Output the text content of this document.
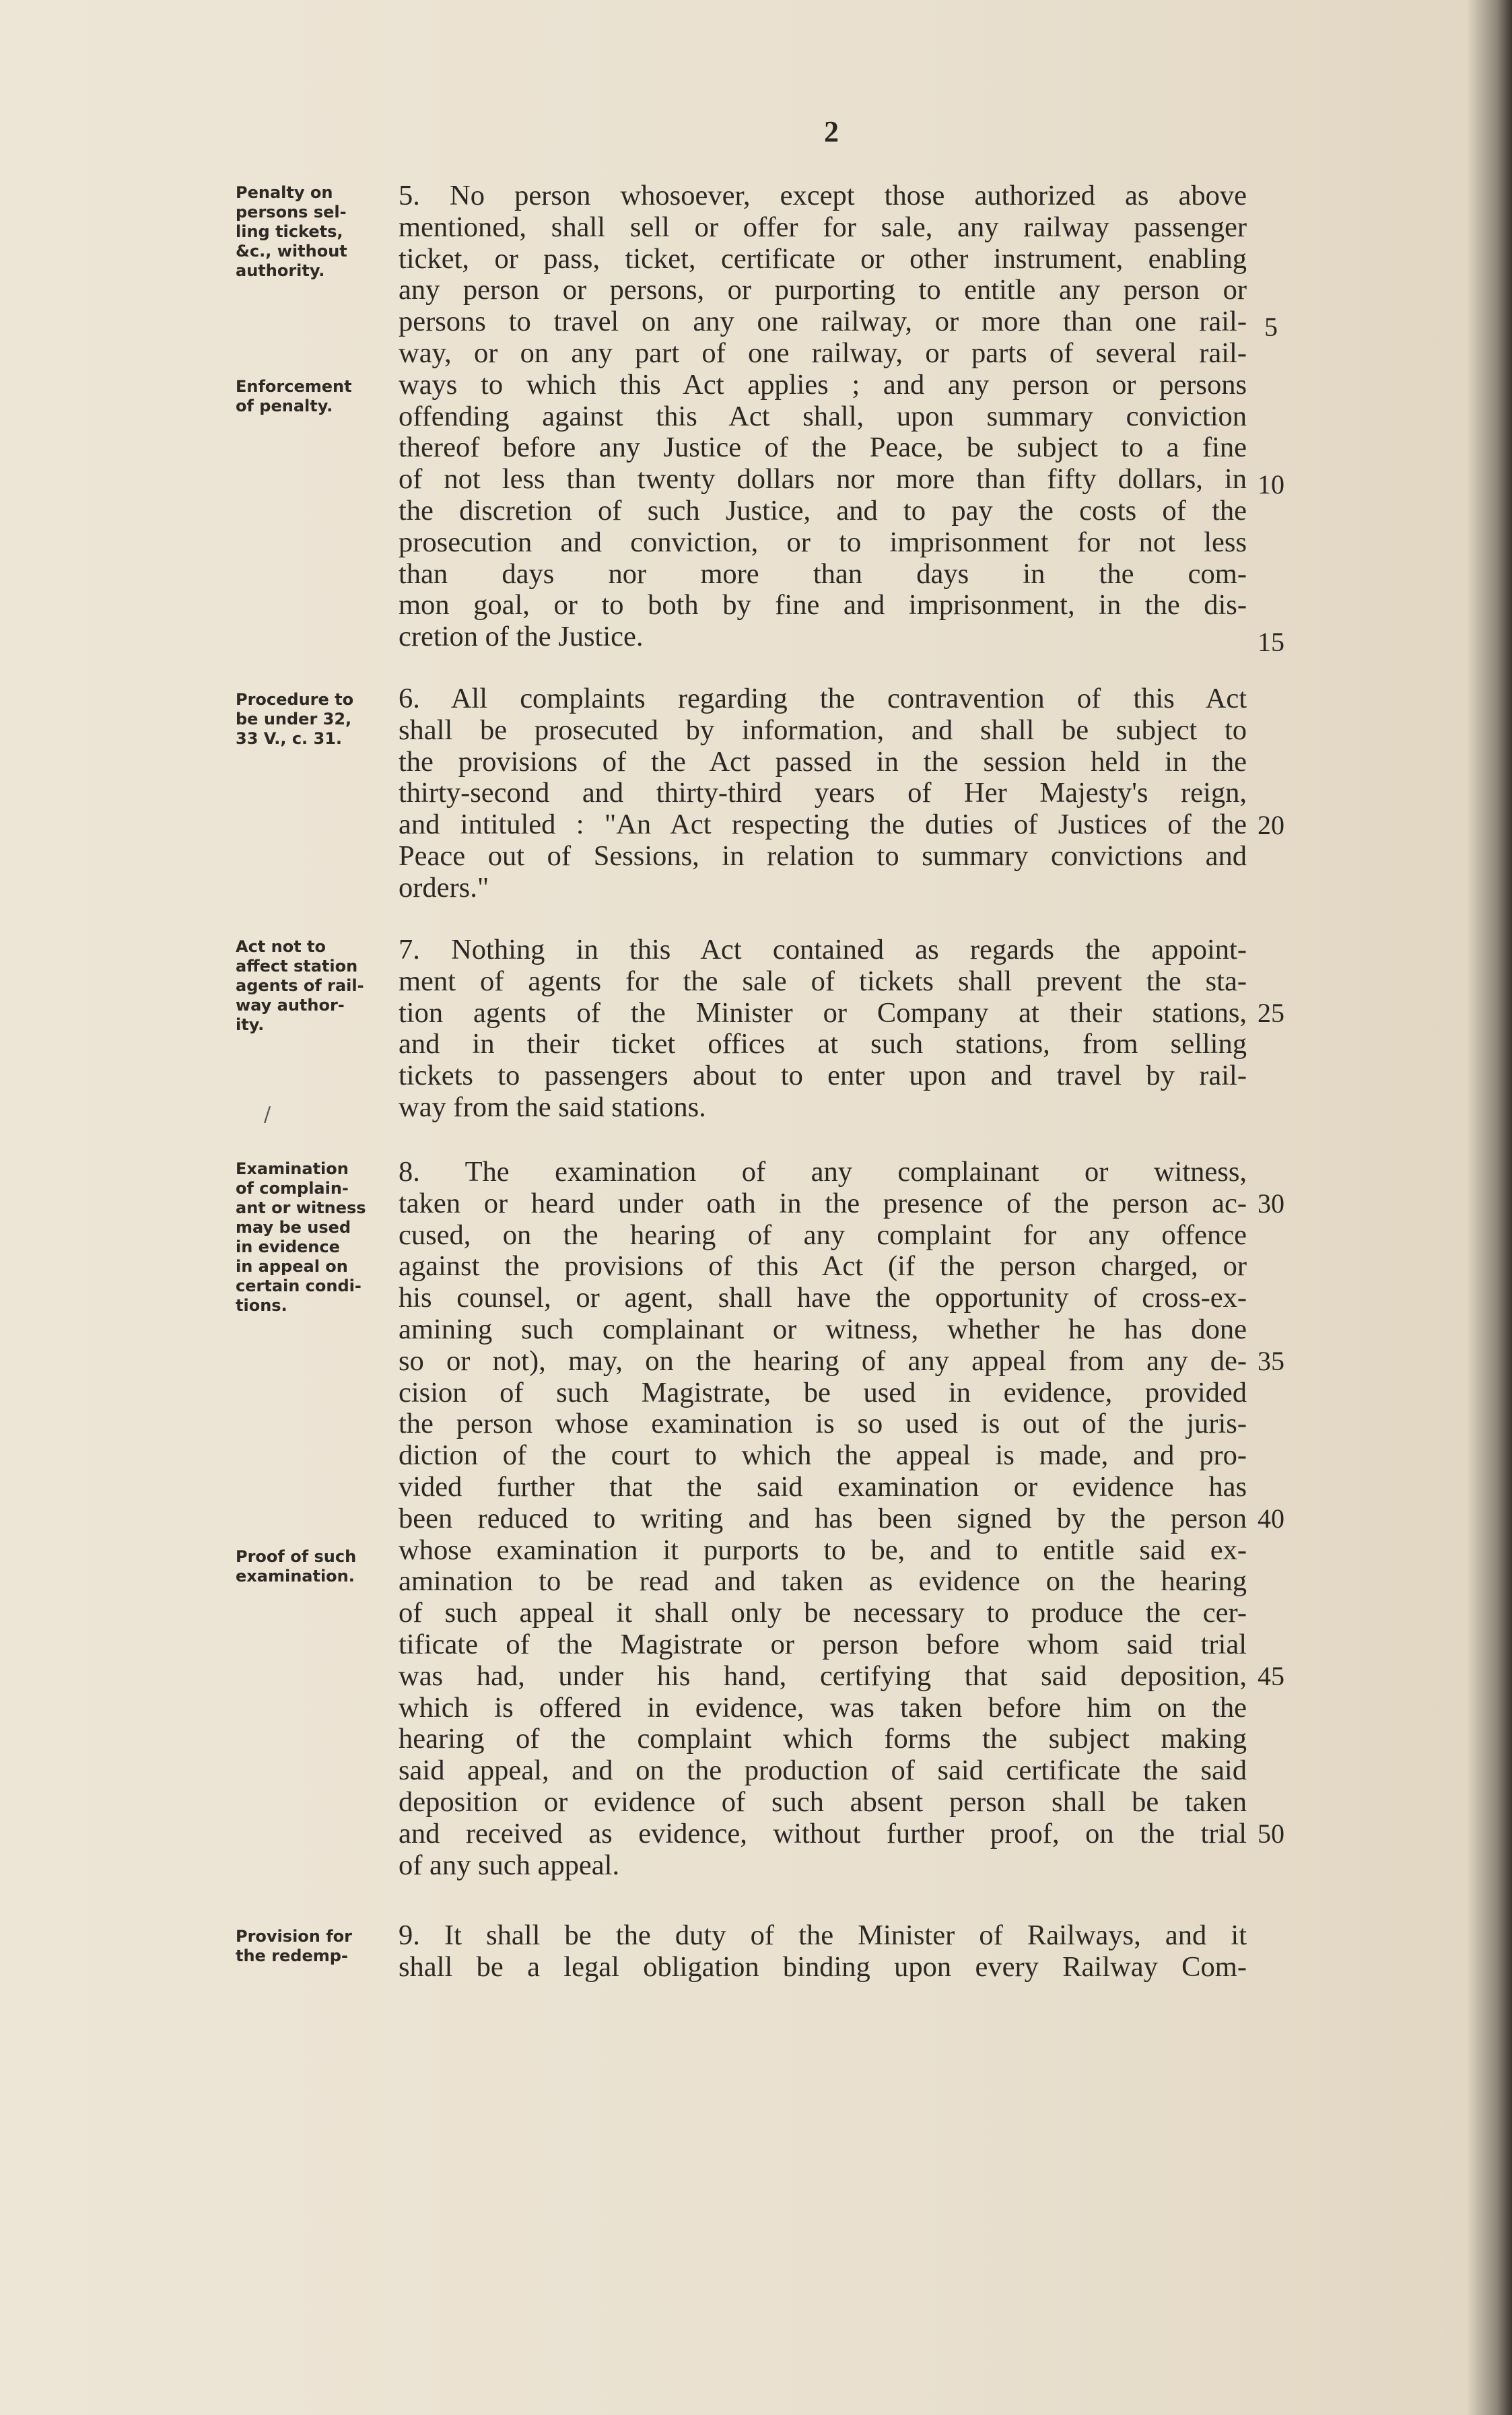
2
Penalty on
persons sel-
ling tickets,
&c., without
authority.
Enforcement
of penalty.
5. No person whosoever, except those authorized as above
mentioned, shall sell or offer for sale, any railway passenger
ticket, or pass, ticket, certificate or other instrument, enabling
any person or persons, or purporting to entitle any person or
persons to travel on any one railway, or more than one rail-
way, or on any part of one railway, or parts of several rail-
ways to which this Act applies ; and any person or persons
offending against this Act shall, upon summary conviction
thereof before any Justice of the Peace, be subject to a fine
of not less than twenty dollars nor more than fifty dollars, in
the discretion of such Justice, and to pay the costs of the
prosecution and conviction, or to imprisonment for not less
than days nor more than days in the com-
mon goal, or to both by fine and imprisonment, in the dis-
cretion of the Justice.
Procedure to
be under 32,
33 V., c. 31.
6. All complaints regarding the contravention of this Act
shall be prosecuted by information, and shall be subject to
the provisions of the Act passed in the session held in the
thirty-second and thirty-third years of Her Majesty's reign,
and intituled : "An Act respecting the duties of Justices of the
Peace out of Sessions, in relation to summary convictions and
orders."
Act not to
affect station
agents of rail-
way author-
ity.
7. Nothing in this Act contained as regards the appoint-
ment of agents for the sale of tickets shall prevent the sta-
tion agents of the Minister or Company at their stations,
and in their ticket offices at such stations, from selling
tickets to passengers about to enter upon and travel by rail-
way from the said stations.
/
Examination
of complain-
ant or witness
may be used
in evidence
in appeal on
certain condi-
tions.
Proof of such
examination.
8. The examination of any complainant or witness,
taken or heard under oath in the presence of the person ac-
cused, on the hearing of any complaint for any offence
against the provisions of this Act (if the person charged, or
his counsel, or agent, shall have the opportunity of cross-ex-
amining such complainant or witness, whether he has done
so or not), may, on the hearing of any appeal from any de-
cision of such Magistrate, be used in evidence, provided
the person whose examination is so used is out of the juris-
diction of the court to which the appeal is made, and pro-
vided further that the said examination or evidence has
been reduced to writing and has been signed by the person
whose examination it purports to be, and to entitle said ex-
amination to be read and taken as evidence on the hearing
of such appeal it shall only be necessary to produce the cer-
tificate of the Magistrate or person before whom said trial
was had, under his hand, certifying that said deposition,
which is offered in evidence, was taken before him on the
hearing of the complaint which forms the subject making
said appeal, and on the production of said certificate the said
deposition or evidence of such absent person shall be taken
and received as evidence, without further proof, on the trial
of any such appeal.
Provision for
the redemp-
9. It shall be the duty of the Minister of Railways, and it
shall be a legal obligation binding upon every Railway Com-
5
10
15
20
25
30
35
40
45
50
